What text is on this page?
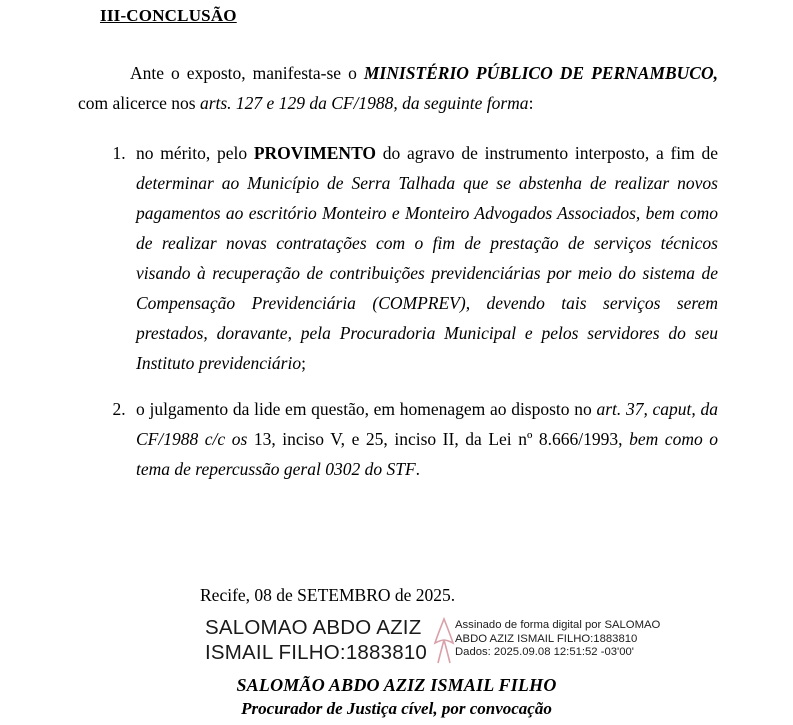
III-CONCLUSÃO

Ante o exposto, manifesta-se o MINISTÉRIO PÚBLICO DE PERNAMBUCO, com alicerce nos arts. 127 e 129 da CF/1988, da seguinte forma:

1. no mérito, pelo PROVIMENTO do agravo de instrumento interposto, a fim de determinar ao Município de Serra Talhada que se abstenha de realizar novos pagamentos ao escritório Monteiro e Monteiro Advogados Associados, bem como de realizar novas contratações com o fim de prestação de serviços técnicos visando à recuperação de contribuições previdenciárias por meio do sistema de Compensação Previdenciária (COMPREV), devendo tais serviços serem prestados, doravante, pela Procuradoria Municipal e pelos servidores do seu Instituto previdenciário;
2. o julgamento da lide em questão, em homenagem ao disposto no art. 37, caput, da CF/1988 c/c os 13, inciso V, e 25, inciso II, da Lei nº 8.666/1993, bem como o tema de repercussão geral 0302 do STF.
Recife, 08 de SETEMBRO de 2025.
SALOMAO ABDO AZIZ
ISMAIL FILHO:1883810
Assinado de forma digital por SALOMAO
ABDO AZIZ ISMAIL FILHO:1883810
Dados: 2025.09.08 12:51:52 -03'00'
SALOMÃO ABDO AZIZ ISMAIL FILHO
Procurador de Justiça cível, por convocação
